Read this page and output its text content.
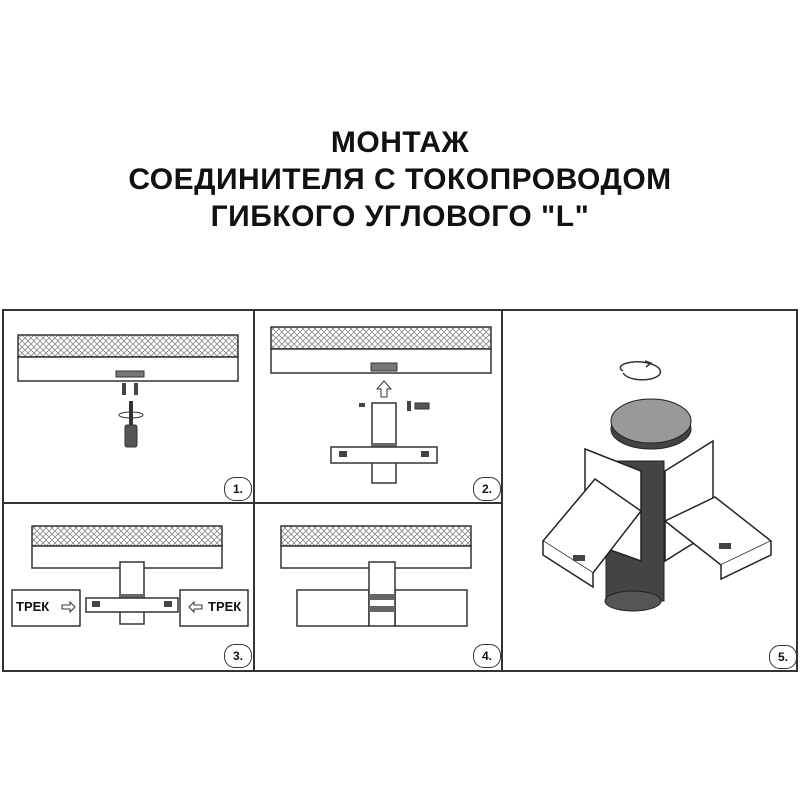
МОНТАЖ
СОЕДИНИТЕЛЯ С ТОКОПРОВОДОМ
ГИБКОГО УГЛОВОГО "L"
1.	2.
ТРЕК	ТРЕК
3.	4.	5.
